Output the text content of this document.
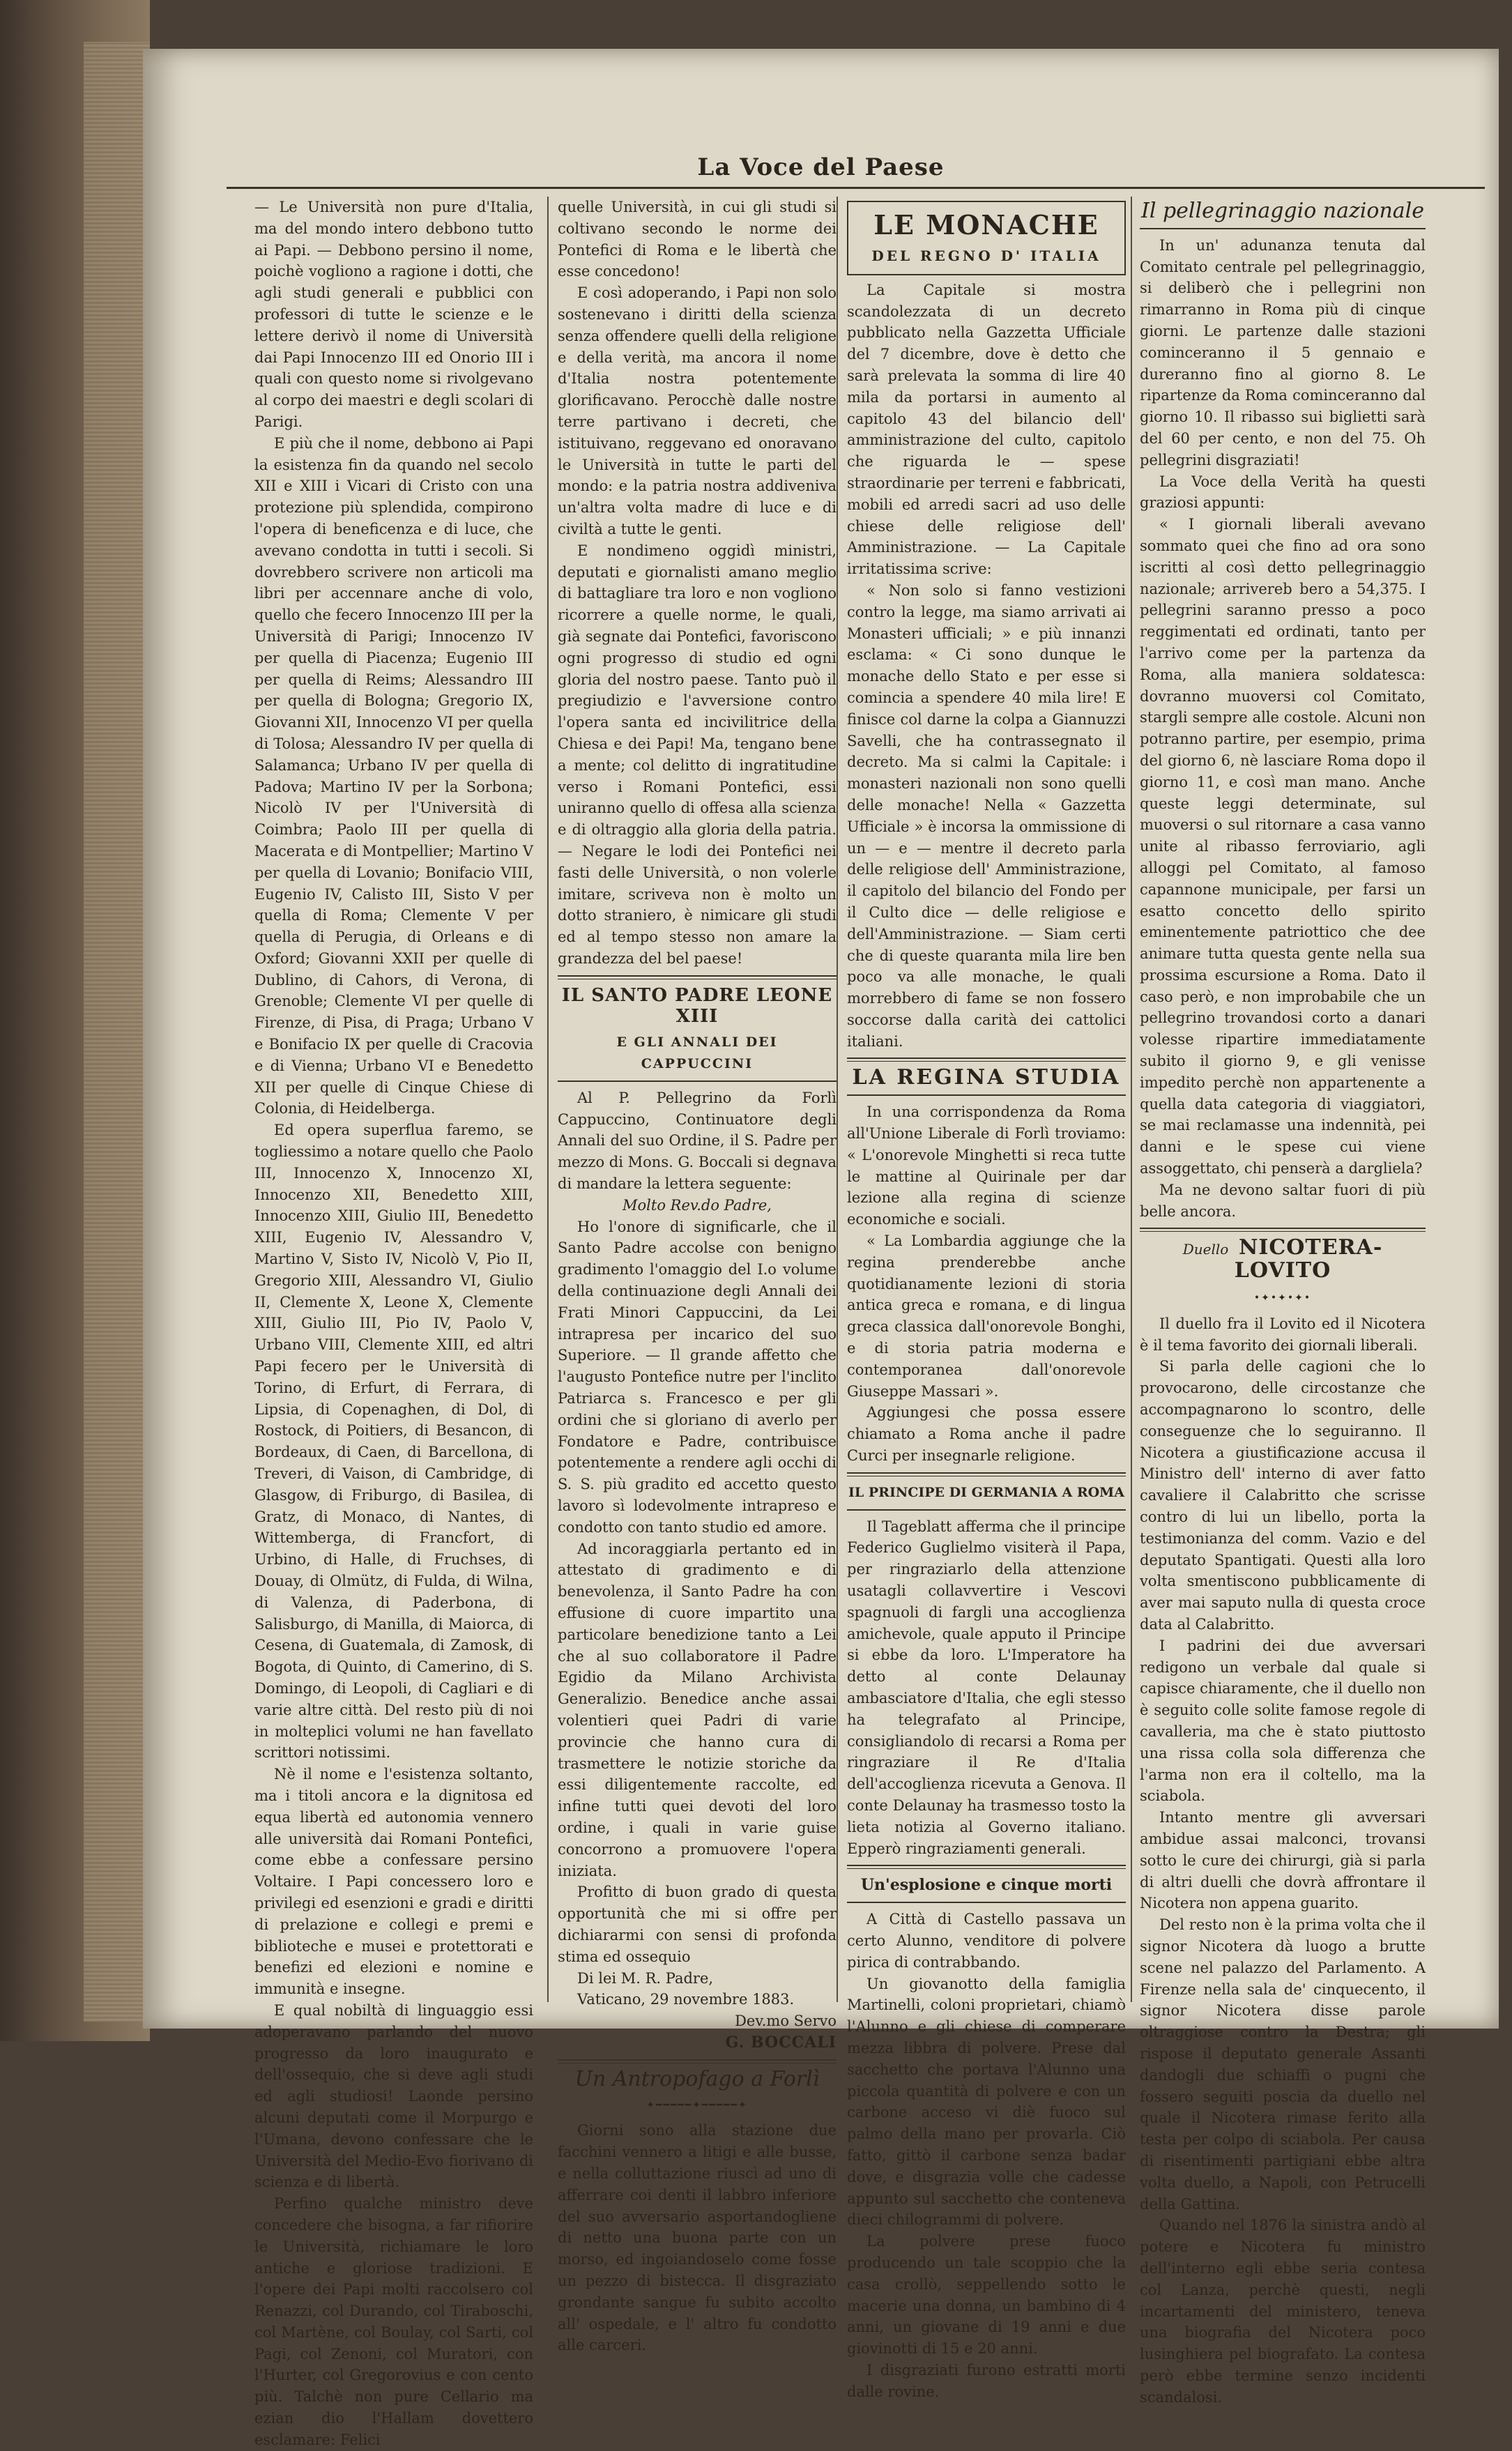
La Voce del Paese

— Le Università non pure d'Italia, ma del mondo intero debbono tutto ai Papi. — Debbono persino il nome, poichè vogliono a ragione i dotti, che agli studi generali e pubblici con professori di tutte le scienze e le lettere derivò il nome di Università dai Papi Innocenzo III ed Onorio III i quali con questo nome si rivolgevano al corpo dei maestri e degli scolari di Parigi.

E più che il nome, debbono ai Papi la esistenza fin da quando nel secolo XII e XIII i Vicari di Cristo con una protezione più splendida, compirono l'opera di beneficenza e di luce, che avevano condotta in tutti i secoli. Si dovrebbero scrivere non articoli ma libri per accennare anche di volo, quello che fecero Innocenzo III per la Università di Parigi; Innocenzo IV per quella di Piacenza; Eugenio III per quella di Reims; Alessandro III per quella di Bologna; Gregorio IX, Giovanni XII, Innocenzo VI per quella di Tolosa; Alessandro IV per quella di Salamanca; Urbano IV per quella di Padova; Martino IV per la Sorbona; Nicolò IV per l'Università di Coimbra; Paolo III per quella di Macerata e di Montpellier; Martino V per quella di Lovanio; Bonifacio VIII, Eugenio IV, Calisto III, Sisto V per quella di Roma; Clemente V per quella di Perugia, di Orleans e di Oxford; Giovanni XXII per quelle di Dublino, di Cahors, di Verona, di Grenoble; Clemente VI per quelle di Firenze, di Pisa, di Praga; Urbano V e Bonifacio IX per quelle di Cracovia e di Vienna; Urbano VI e Benedetto XII per quelle di Cinque Chiese di Colonia, di Heidelberga.

Ed opera superflua faremo, se togliessimo a notare quello che Paolo III, Innocenzo X, Innocenzo XI, Innocenzo XII, Benedetto XIII, Innocenzo XIII, Giulio III, Benedetto XIII, Eugenio IV, Alessandro V, Martino V, Sisto IV, Nicolò V, Pio II, Gregorio XIII, Alessandro VI, Giulio II, Clemente X, Leone X, Clemente XIII, Giulio III, Pio IV, Paolo V, Urbano VIII, Clemente XIII, ed altri Papi fecero per le Università di Torino, di Erfurt, di Ferrara, di Lipsia, di Copenaghen, di Dol, di Rostock, di Poitiers, di Besancon, di Bordeaux, di Caen, di Barcellona, di Treveri, di Vaison, di Cambridge, di Glasgow, di Friburgo, di Basilea, di Gratz, di Monaco, di Nantes, di Wittemberga, di Francfort, di Urbino, di Halle, di Fruchses, di Douay, di Olmütz, di Fulda, di Wilna, di Valenza, di Paderbona, di Salisburgo, di Manilla, di Maiorca, di Cesena, di Guatemala, di Zamosk, di Bogota, di Quinto, di Camerino, di S. Domingo, di Leopoli, di Cagliari e di varie altre città. Del resto più di noi in molteplici volumi ne han favellato scrittori notissimi.

Nè il nome e l'esistenza soltanto, ma i titoli ancora e la dignitosa ed equa libertà ed autonomia vennero alle università dai Romani Pontefici, come ebbe a confessare persino Voltaire. I Papi concessero loro e privilegi ed esenzioni e gradi e diritti di prelazione e collegi e premi e biblioteche e musei e protettorati e benefizi ed elezioni e nomine e immunità e insegne.

E qual nobiltà di linguaggio essi adoperavano parlando del nuovo progresso da loro inaugurato e dell'ossequio, che si deve agli studi ed agli studiosi! Laonde persino alcuni deputati come il Morpurgo e l'Umana, devono confessare che le Università del Medio-Evo fiorivano di scienza e di libertà.

Perfino qualche ministro deve concedere che bisogna, a far rifiorire le Università, richiamare le loro antiche e gloriose tradizioni. E l'opere dei Papi molti raccolsero col Renazzi, col Durando, col Tiraboschi, col Martène, col Boulay, col Sarti, col Pagi, col Zenoni, col Muratori, con l'Hurter, col Gregorovius e con cento più. Talchè non pure Cellario ma ezian dio l'Hallam dovettero esclamare: Felici

quelle Università, in cui gli studi si coltivano secondo le norme dei Pontefici di Roma e le libertà che esse concedono!

E così adoperando, i Papi non solo sostenevano i diritti della scienza senza offendere quelli della religione e della verità, ma ancora il nome d'Italia nostra potentemente glorificavano. Perocchè dalle nostre terre partivano i decreti, che istituivano, reggevano ed onoravano le Università in tutte le parti del mondo: e la patria nostra addiveniva un'altra volta madre di luce e di civiltà a tutte le genti.

E nondimeno oggidì ministri, deputati e giornalisti amano meglio di battagliare tra loro e non vogliono ricorrere a quelle norme, le quali, già segnate dai Pontefici, favoriscono ogni progresso di studio ed ogni gloria del nostro paese. Tanto può il pregiudizio e l'avversione contro l'opera santa ed incivilitrice della Chiesa e dei Papi! Ma, tengano bene a mente; col delitto di ingratitudine verso i Romani Pontefici, essi uniranno quello di offesa alla scienza e di oltraggio alla gloria della patria. — Negare le lodi dei Pontefici nei fasti delle Università, o non volerle imitare, scriveva non è molto un dotto straniero, è nimicare gli studi ed al tempo stesso non amare la grandezza del bel paese!

IL SANTO PADRE LEONE XIII
E GLI ANNALI DEI CAPPUCCINI

Al P. Pellegrino da Forlì Cappuccino, Continuatore degli Annali del suo Ordine, il S. Padre per mezzo di Mons. G. Boccali si degnava di mandare la lettera seguente:

Molto Rev.do Padre,

Ho l'onore di significarle, che il Santo Padre accolse con benigno gradimento l'omaggio del I.o volume della continuazione degli Annali dei Frati Minori Cappuccini, da Lei intrapresa per incarico del suo Superiore. — Il grande affetto che l'augusto Pontefice nutre per l'inclito Patriarca s. Francesco e per gli ordini che si gloriano di averlo per Fondatore e Padre, contribuisce potentemente a rendere agli occhi di S. S. più gradito ed accetto questo lavoro sì lodevolmente intrapreso e condotto con tanto studio ed amore.

Ad incoraggiarla pertanto ed in attestato di gradimento e di benevolenza, il Santo Padre ha con effusione di cuore impartito una particolare benedizione tanto a Lei che al suo collaboratore il Padre Egidio da Milano Archivista Generalizio. Benedice anche assai volentieri quei Padri di varie provincie che hanno cura di trasmettere le notizie storiche da essi diligentemente raccolte, ed infine tutti quei devoti del loro ordine, i quali in varie guise concorrono a promuovere l'opera iniziata.

Profitto di buon grado di questa opportunità che mi si offre per dichiararmi con sensi di profonda stima ed ossequio

Di lei M. R. Padre,

Vaticano, 29 novembre 1883.

Dev.mo Servo

G. BOCCALI
Un Antropofago a Forlì
✦━━━━━✦━━━━━✦

Giorni sono alla stazione due facchini vennero a litigi e alle busse, e nella colluttazione riuscì ad uno di afferrare coi denti il labbro inferiore del suo avversario asportandogliene di netto una buona parte con un morso, ed ingoiandoselo come fosse un pezzo di bistecca. Il disgraziato grondante sangue fu subito accolto all' ospedale, e l' altro fu condotto alle carceri.

LE MONACHE
DEL REGNO D' ITALIA

La Capitale si mostra scandolezzata di un decreto pubblicato nella Gazzetta Ufficiale del 7 dicembre, dove è detto che sarà prelevata la somma di lire 40 mila da portarsi in aumento al capitolo 43 del bilancio dell' amministrazione del culto, capitolo che riguarda le — spese straordinarie per terreni e fabbricati, mobili ed arredi sacri ad uso delle chiese delle religiose dell' Amministrazione. — La Capitale irritatissima scrive:

« Non solo si fanno vestizioni contro la legge, ma siamo arrivati ai Monasteri ufficiali; » e più innanzi esclama: « Ci sono dunque le monache dello Stato e per esse si comincia a spendere 40 mila lire! E finisce col darne la colpa a Giannuzzi Savelli, che ha contrassegnato il decreto. Ma si calmi la Capitale: i monasteri nazionali non sono quelli delle monache! Nella « Gazzetta Ufficiale » è incorsa la ommissione di un — e — mentre il decreto parla delle religiose dell' Amministrazione, il capitolo del bilancio del Fondo per il Culto dice — delle religiose e dell'Amministrazione. — Siam certi che di queste quaranta mila lire ben poco va alle monache, le quali morrebbero di fame se non fossero soccorse dalla carità dei cattolici italiani.

LA REGINA STUDIA

In una corrispondenza da Roma all'Unione Liberale di Forlì troviamo: « L'onorevole Minghetti si reca tutte le mattine al Quirinale per dar lezione alla regina di scienze economiche e sociali.

« La Lombardia aggiunge che la regina prenderebbe anche quotidianamente lezioni di storia antica greca e romana, e di lingua greca classica dall'onorevole Bonghi, e di storia patria moderna e contemporanea dall'onorevole Giuseppe Massari ».

Aggiungesi che possa essere chiamato a Roma anche il padre Curci per insegnarle religione.

IL PRINCIPE DI GERMANIA A ROMA

Il Tageblatt afferma che il principe Federico Guglielmo visiterà il Papa, per ringraziarlo della attenzione usatagli collavvertire i Vescovi spagnuoli di fargli una accoglienza amichevole, quale apputo il Principe si ebbe da loro. L'Imperatore ha detto al conte Delaunay ambasciatore d'Italia, che egli stesso ha telegrafato al Principe, consigliandolo di recarsi a Roma per ringraziare il Re d'Italia dell'accoglienza ricevuta a Genova. Il conte Delaunay ha trasmesso tosto la lieta notizia al Governo italiano. Epperò ringraziamenti generali.

Un'esplosione e cinque morti

A Città di Castello passava un certo Alunno, venditore di polvere pirica di contrabbando.

Un giovanotto della famiglia Martinelli, coloni proprietari, chiamò l'Alunno e gli chiese di comperare mezza libbra di polvere. Prese dal sacchetto che portava l'Alunno una piccola quantità di polvere e con un carbone acceso vi diè fuoco sul palmo della mano per provarla. Ciò fatto, gittò il carbone senza badar dove, e disgrazia volle che cadesse appunto sul sacchetto che conteneva dieci chilogrammi di polvere.

La polvere prese fuoco producendo un tale scoppio che la casa crollò, seppellendo sotto le macerie una donna, un bambino di 4 anni, un giovane di 19 anni e due giovinotti di 15 e 20 anni.

I disgraziati furono estratti morti dalle rovine.

Il pellegrinaggio nazionale

In un' adunanza tenuta dal Comitato centrale pel pellegrinaggio, si deliberò che i pellegrini non rimarranno in Roma più di cinque giorni. Le partenze dalle stazioni cominceranno il 5 gennaio e dureranno fino al giorno 8. Le ripartenze da Roma cominceranno dal giorno 10. Il ribasso sui biglietti sarà del 60 per cento, e non del 75. Oh pellegrini disgraziati!

La Voce della Verità ha questi graziosi appunti:

« I giornali liberali avevano sommato quei che fino ad ora sono iscritti al così detto pellegrinaggio nazionale; arrivereb bero a 54,375. I pellegrini saranno presso a poco reggimentati ed ordinati, tanto per l'arrivo come per la partenza da Roma, alla maniera soldatesca: dovranno muoversi col Comitato, stargli sempre alle costole. Alcuni non potranno partire, per esempio, prima del giorno 6, nè lasciare Roma dopo il giorno 11, e così man mano. Anche queste leggi determinate, sul muoversi o sul ritornare a casa vanno unite al ribasso ferroviario, agli alloggi pel Comitato, al famoso capannone municipale, per farsi un esatto concetto dello spirito eminentemente patriottico che dee animare tutta questa gente nella sua prossima escursione a Roma. Dato il caso però, e non improbabile che un pellegrino trovandosi corto a danari volesse ripartire immediatamente subito il giorno 9, e gli venisse impedito perchè non appartenente a quella data categoria di viaggiatori, se mai reclamasse una indennità, pei danni e le spese cui viene assoggettato, chi penserà a dargliela?

Ma ne devono saltar fuori di più belle ancora.

Duello NICOTERA-LOVITO
•✦•✦•✦•

Il duello fra il Lovito ed il Nicotera è il tema favorito dei giornali liberali.

Si parla delle cagioni che lo provocarono, delle circostanze che accompagnarono lo scontro, delle conseguenze che lo seguiranno. Il Nicotera a giustificazione accusa il Ministro dell' interno di aver fatto cavaliere il Calabritto che scrisse contro di lui un libello, porta la testimonianza del comm. Vazio e del deputato Spantigati. Questi alla loro volta smentiscono pubblicamente di aver mai saputo nulla di questa croce data al Calabritto.

I padrini dei due avversari redigono un verbale dal quale si capisce chiaramente, che il duello non è seguito colle solite famose regole di cavalleria, ma che è stato piuttosto una rissa colla sola differenza che l'arma non era il coltello, ma la sciabola.

Intanto mentre gli avversari ambidue assai malconci, trovansi sotto le cure dei chirurgi, già si parla di altri duelli che dovrà affrontare il Nicotera non appena guarito.

Del resto non è la prima volta che il signor Nicotera dà luogo a brutte scene nel palazzo del Parlamento. A Firenze nella sala de' cinquecento, il signor Nicotera disse parole oltraggiose contro la Destra; gli rispose il deputato generale Assanti dandogli due schiaffi o pugni che fossero seguiti poscia da duello nel quale il Nicotera rimase ferito alla testa per colpo di sciabola. Per causa di risentimenti partigiani ebbe altra volta duello, a Napoli, con Petrucelli della Gattina.

Quando nel 1876 la sinistra andò al potere e Nicotera fu ministro dell'interno egli ebbe seria contesa col Lanza, perchè questi, negli incartamenti del ministero, teneva una biografia del Nicotera poco lusinghiera pel biografato. La contesa però ebbe termine senzo incidenti scandalosi.
